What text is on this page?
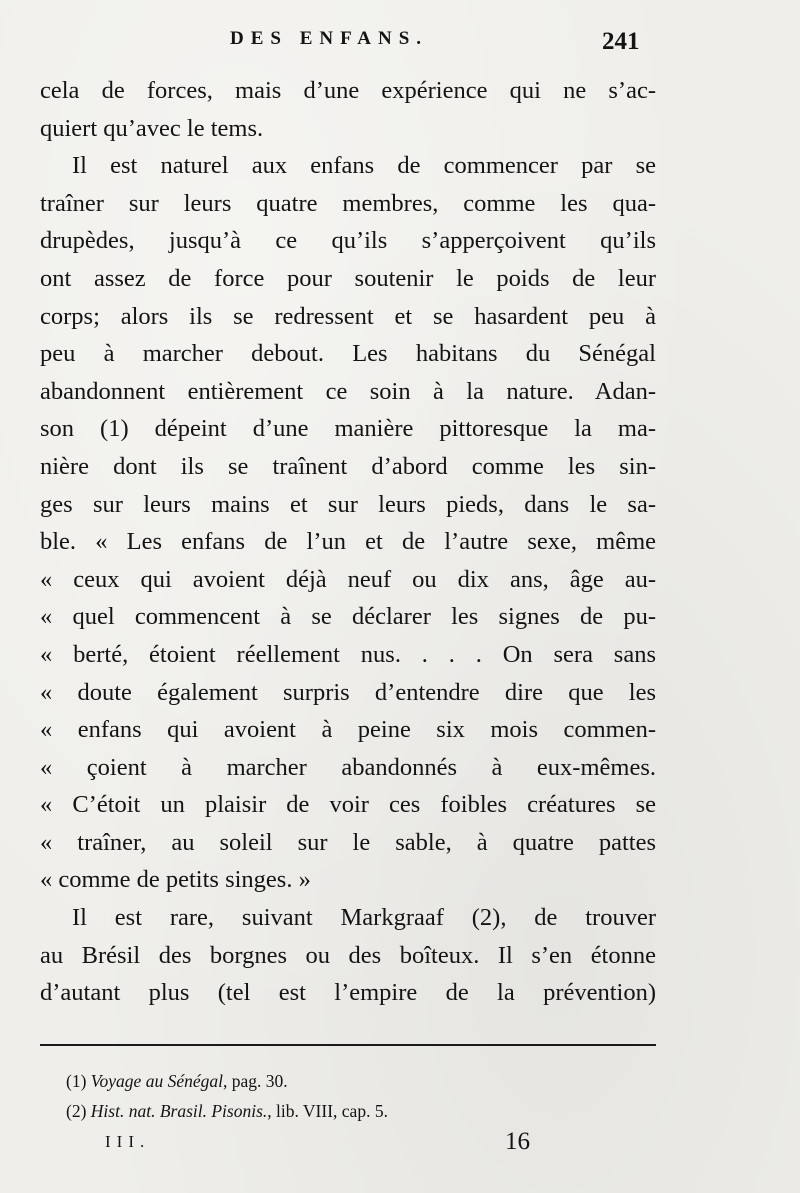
DES ENFANS.	241
cela de forces, mais d’une expérience qui ne s’ac-
quiert qu’avec le tems.
Il est naturel aux enfans de commencer par se
traîner sur leurs quatre membres, comme les qua-
drupèdes, jusqu’à ce qu’ils s’apperçoivent qu’ils
ont assez de force pour soutenir le poids de leur
corps; alors ils se redressent et se hasardent peu à
peu à marcher debout. Les habitans du Sénégal
abandonnent entièrement ce soin à la nature. Adan-
son (1) dépeint d’une manière pittoresque la ma-
nière dont ils se traînent d’abord comme les sin-
ges sur leurs mains et sur leurs pieds, dans le sa-
ble. « Les enfans de l’un et de l’autre sexe, même
« ceux qui avoient déjà neuf ou dix ans, âge au-
« quel commencent à se déclarer les signes de pu-
« berté, étoient réellement nus. . . . On sera sans
« doute également surpris d’entendre dire que les
« enfans qui avoient à peine six mois commen-
« çoient à marcher abandonnés à eux-mêmes.
« C’étoit un plaisir de voir ces foibles créatures se
« traîner, au soleil sur le sable, à quatre pattes
« comme de petits singes. »
Il est rare, suivant Markgraaf (2), de trouver
au Brésil des borgnes ou des boîteux. Il s’en étonne
d’autant plus (tel est l’empire de la prévention)
(1) Voyage au Sénégal, pag. 30.
(2) Hist. nat. Brasil. Pisonis., lib. VIII, cap. 5.
III.	16
